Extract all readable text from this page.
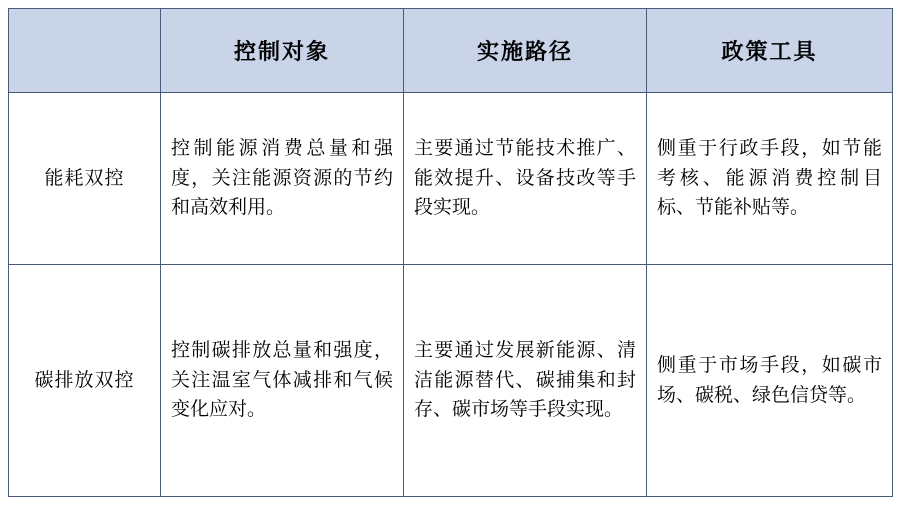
	控制对象	实施路径	政策工具
能耗双控	控制能源消费总量和强度，关注能源资源的节约和高效利用。	主要通过节能技术推广、能效提升、设备技改等手段实现。	侧重于行政手段，如节能考核、能源消费控制目标、节能补贴等。

碳排放双控	控制碳排放总量和强度，关注温室气体减排和气候变化应对。	主要通过发展新能源、清洁能源替代、碳捕集和封存、碳市场等手段实现。	侧重于市场手段，如碳市场、碳税、绿色信贷等。
